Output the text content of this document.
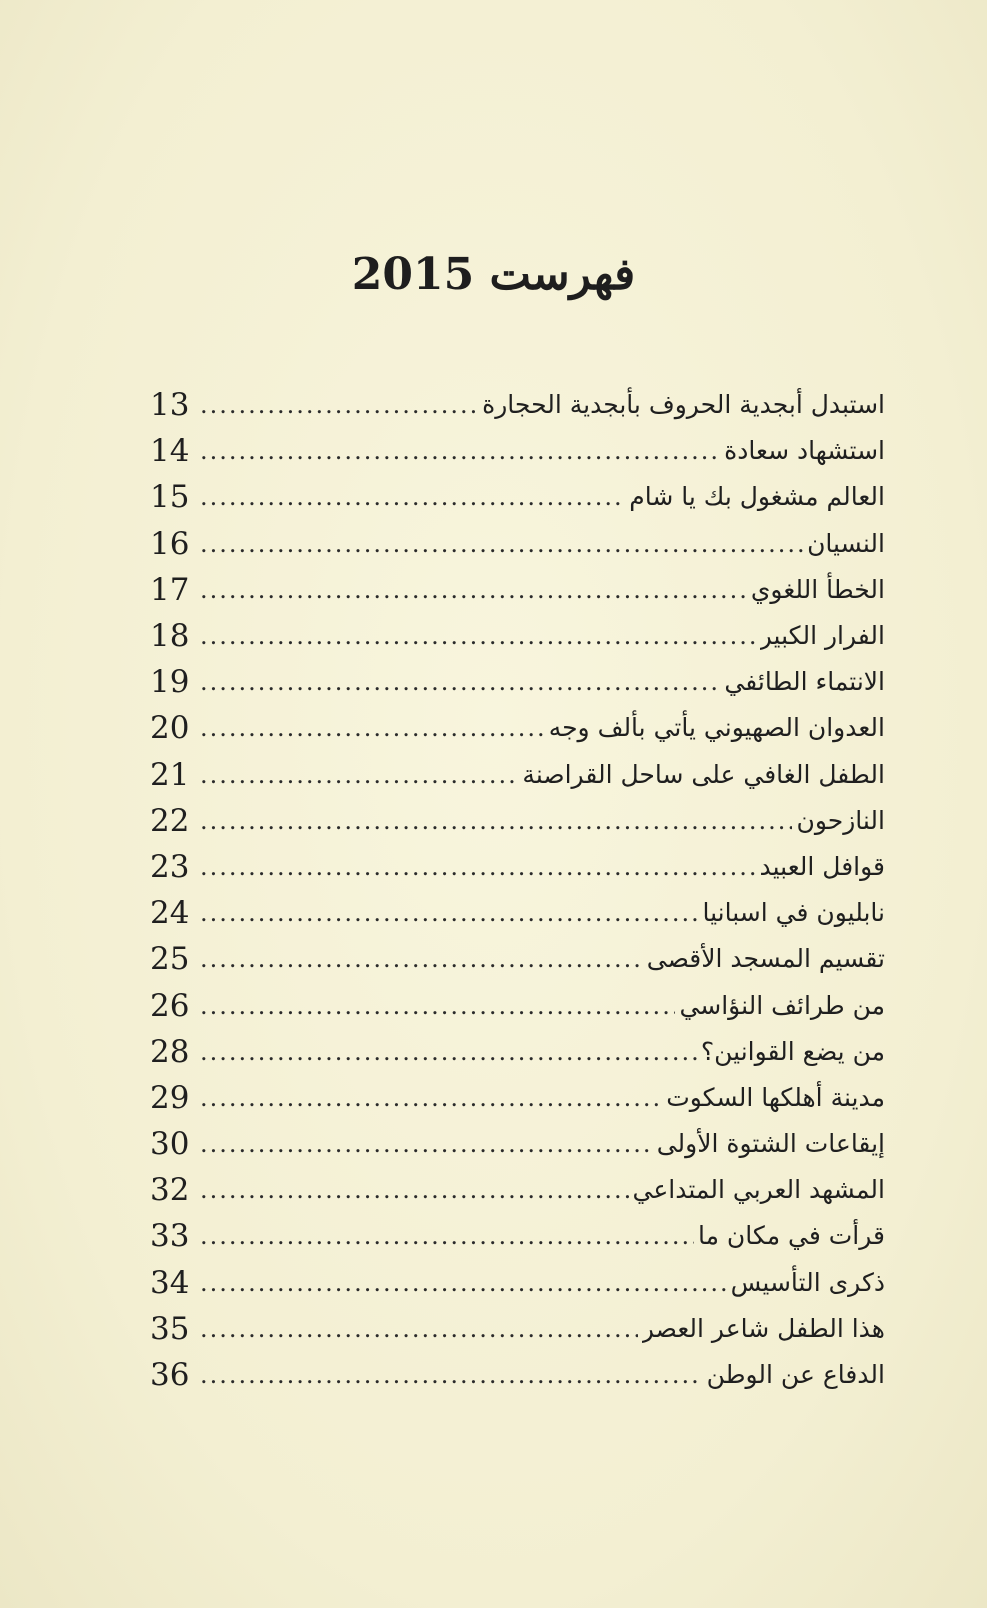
فهرست 2015
13 .....	استبدل أبجدية الحروف بأبجدية الحجارة
14 .....	استشهاد سعادة
15 .....	العالم مشغول بك يا شام
16 .....	النسيان
17 .....	الخطأ اللغوي
18 .....	الفرار الكبير
19 .....	الانتماء الطائفي
20 .....	العدوان الصهيوني يأتي بألف وجه
21 .....	الطفل الغافي على ساحل القراصنة
22 .....	النازحون
23 .....	قوافل العبيد
24 .....	نابليون في اسبانيا
25 .....	تقسيم المسجد الأقصى
26 .....	من طرائف النؤاسي
28 .....	من يضع القوانين؟
29 .....	مدينة أهلكها السكوت
30 .....	إيقاعات الشتوة الأولى
32 .....	المشهد العربي المتداعي
33 .....	قرأت في مكان ما
34 .....	ذكرى التأسيس
35 .....	هذا الطفل شاعر العصر
36 .....	الدفاع عن الوطن
